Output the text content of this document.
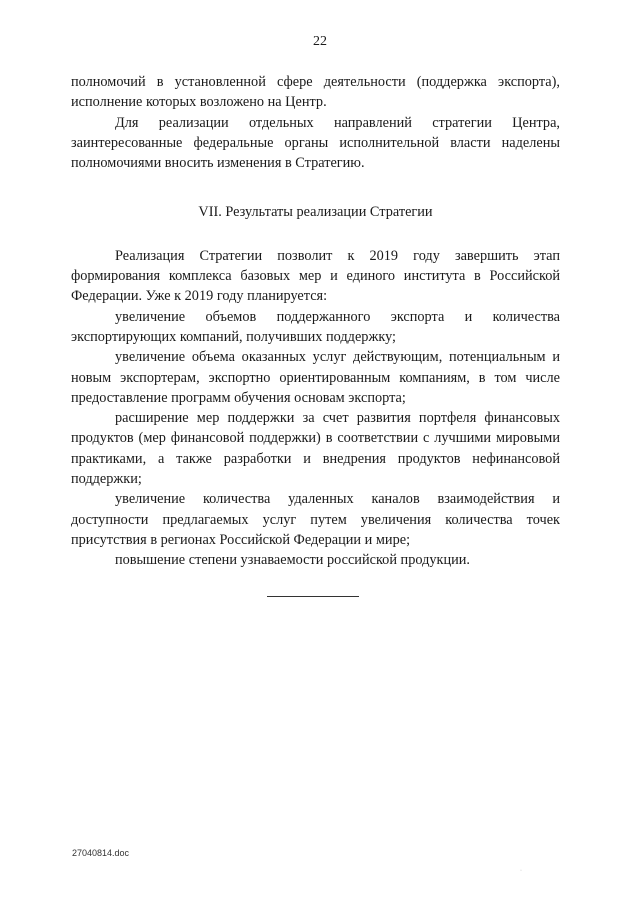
22

полномочий в установленной сфере деятельности (поддержка экспорта), исполнение которых возложено на Центр.

Для реализации отдельных направлений стратегии Центра, заинтересованные федеральные органы исполнительной власти наделены полномочиями вносить изменения в Стратегию.

VII. Результаты реализации Стратегии

Реализация Стратегии позволит к 2019 году завершить этап формирования комплекса базовых мер и единого института в Российской Федерации. Уже к 2019 году планируется:

увеличение объемов поддержанного экспорта и количества экспортирующих компаний, получивших поддержку;

увеличение объема оказанных услуг действующим, потенциальным и новым экспортерам, экспортно ориентированным компаниям, в том числе предоставление программ обучения основам экспорта;

расширение мер поддержки за счет развития портфеля финансовых продуктов (мер финансовой поддержки) в соответствии с лучшими мировыми практиками, а также разработки и внедрения продуктов нефинансовой поддержки;

увеличение количества удаленных каналов взаимодействия и доступности предлагаемых услуг путем увеличения количества точек присутствия в регионах Российской Федерации и мире;

повышение степени узнаваемости российской продукции.

27040814.doc
·
